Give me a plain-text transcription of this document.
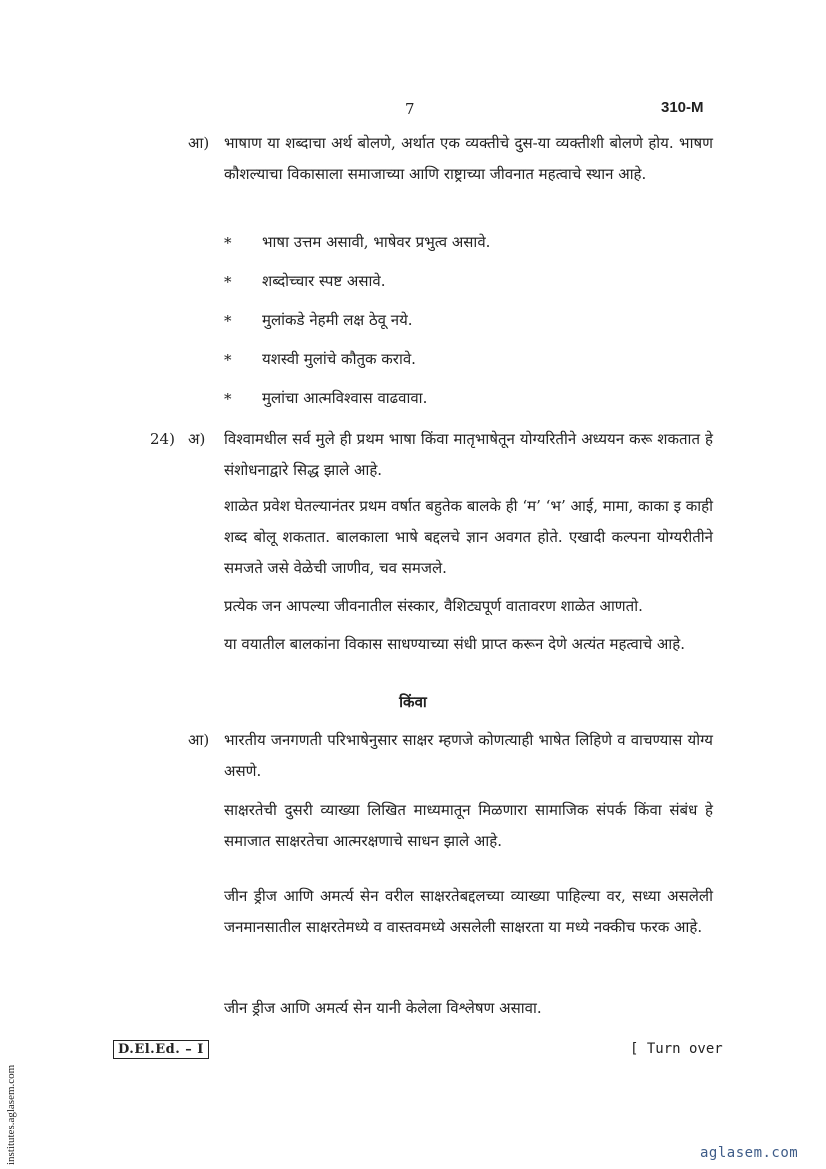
7	310-M
आ) भाषाण या शब्दाचा अर्थ बोलणे, अर्थात एक व्यक्तीचे दुस-या व्यक्तीशी बोलणे होय. भाषण कौशल्याचा विकासाला समाजाच्या आणि राष्ट्राच्या जीवनात महत्वाचे स्थान आहे.
* भाषा उत्तम असावी, भाषेवर प्रभुत्व असावे.
* शब्दोच्चार स्पष्ट असावे.
* मुलांकडे नेहमी लक्ष ठेवू नये.
* यशस्वी मुलांचे कौतुक करावे.
* मुलांचा आत्मविश्वास वाढवावा.
24) अ) विश्वामधील सर्व मुले ही प्रथम भाषा किंवा मातृभाषेतून योग्यरितीने अध्ययन करू शकतात हे संशोधनाद्वारे सिद्ध झाले आहे.
शाळेत प्रवेश घेतल्यानंतर प्रथम वर्षात बहुतेक बालके ही ‘म’ ‘भ’ आई, मामा, काका इ काही शब्द बोलू शकतात. बालकाला भाषे बद्दलचे ज्ञान अवगत होते. एखादी कल्पना योग्यरीतीने समजते जसे वेळेची जाणीव, चव समजले.
प्रत्येक जन आपल्या जीवनातील संस्कार, वैशिट्यपूर्ण वातावरण शाळेत आणतो.
या वयातील बालकांना विकास साधण्याच्या संधी प्राप्त करून देणे अत्यंत महत्वाचे आहे.
किंवा
आ) भारतीय जनगणती परिभाषेनुसार साक्षर म्हणजे कोणत्याही भाषेत लिहिणे व वाचण्यास योग्य असणे.
साक्षरतेची दुसरी व्याख्या लिखित माध्यमातून मिळणारा सामाजिक संपर्क किंवा संबंध हे समाजात साक्षरतेचा आत्मरक्षणाचे साधन झाले आहे.
जीन ड्रीज आणि अमर्त्य सेन वरील साक्षरतेबद्दलच्या व्याख्या पाहिल्या वर, सध्या असलेली जनमानसातील साक्षरतेमध्ये व वास्तवमध्ये असलेली साक्षरता या मध्ये नक्कीच फरक आहे.
जीन ड्रीज आणि अमर्त्य सेन यानी केलेला विश्लेषण असावा.
D.El.Ed. – I	[ Turn over
institutes.aglasem.com	aglasem.com
